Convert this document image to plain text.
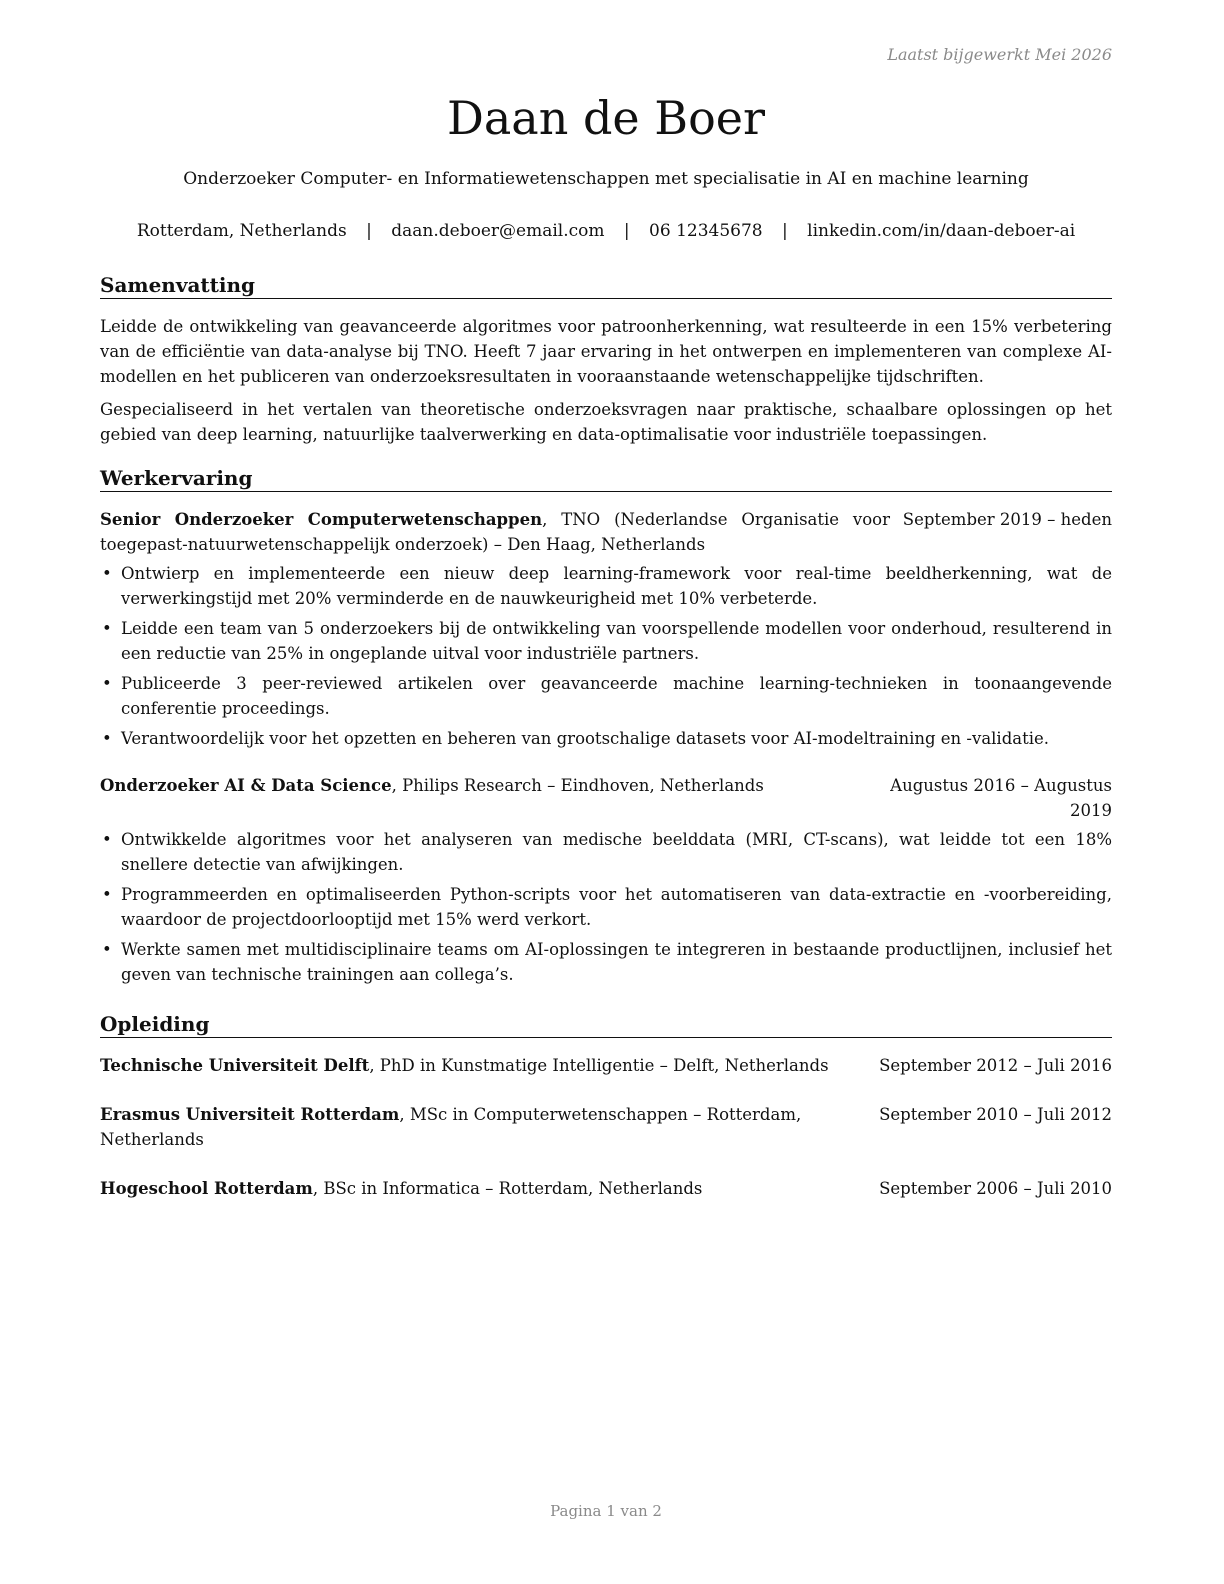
Laatst bijgewerkt Mei 2026
Daan de Boer
Onderzoeker Computer- en Informatiewetenschappen met specialisatie in AI en machine learning
Rotterdam, Netherlands | daan.deboer@email.com | 06 12345678 | linkedin.com/in/daan-deboer-ai
Samenvatting

Leidde de ontwikkeling van geavanceerde algoritmes voor patroonherkenning, wat resulteerde in een 15% verbetering van de efficiëntie van data-analyse bij TNO. Heeft 7 jaar ervaring in het ontwerpen en implementeren van complexe AI-modellen en het publiceren van onderzoeksresultaten in vooraanstaande wetenschappelijke tijdschriften.

Gespecialiseerd in het vertalen van theoretische onderzoeksvragen naar praktische, schaalbare oplossingen op het gebied van deep learning, natuurlijke taalverwerking en data-optimalisatie voor industriële toepassingen.

Werkervaring
Senior Onderzoeker Computerwetenschappen, TNO (Nederlandse Organisatie voor toegepast-natuurwetenschappelijk onderzoek) – Den Haag, Netherlands
September 2019 – heden
• Ontwierp en implementeerde een nieuw deep learning-framework voor real-time beeldherkenning, wat de verwerkingstijd met 20% verminderde en de nauwkeurigheid met 10% verbeterde.
• Leidde een team van 5 onderzoekers bij de ontwikkeling van voorspellende modellen voor onderhoud, resulterend in een reductie van 25% in ongeplande uitval voor industriële partners.
• Publiceerde 3 peer-reviewed artikelen over geavanceerde machine learning-technieken in toonaangevende conferentie proceedings.
• Verantwoordelijk voor het opzetten en beheren van grootschalige datasets voor AI-modeltraining en -validatie.
Onderzoeker AI & Data Science, Philips Research – Eindhoven, Netherlands	Augustus 2016 – Augustus 2019
• Ontwikkelde algoritmes voor het analyseren van medische beelddata (MRI, CT-scans), wat leidde tot een 18% snellere detectie van afwijkingen.
• Programmeerden en optimaliseerden Python-scripts voor het automatiseren van data-extractie en -voorbereiding, waardoor de projectdoorlooptijd met 15% werd verkort.
• Werkte samen met multidisciplinaire teams om AI-oplossingen te integreren in bestaande productlijnen, inclusief het geven van technische trainingen aan collega’s.
Opleiding
Technische Universiteit Delft, PhD in Kunstmatige Intelligentie – Delft, Netherlands	September 2012 – Juli 2016
Erasmus Universiteit Rotterdam, MSc in Computerwetenschappen – Rotterdam, Netherlands
September 2010 – Juli 2012
Hogeschool Rotterdam, BSc in Informatica – Rotterdam, Netherlands	September 2006 – Juli 2010
Pagina 1 van 2
